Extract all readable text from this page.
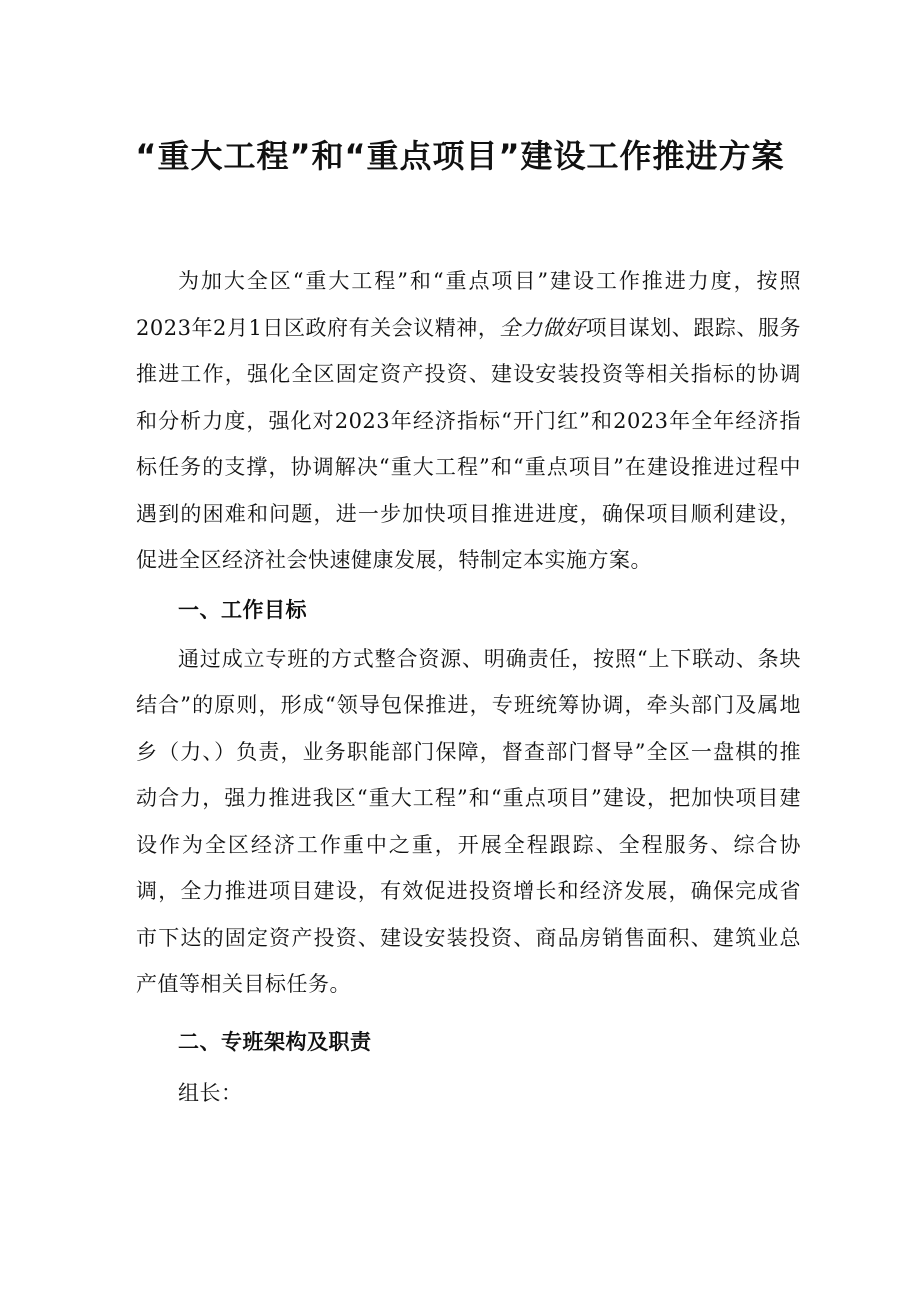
“重大工程”和“重点项目”建设工作推进方案

为加大全区“重大工程”和“重点项目”建设工作推进力度，按照2023年2月1日区政府有关会议精神，全力做好项目谋划、跟踪、服务推进工作，强化全区固定资产投资、建设安装投资等相关指标的协调和分析力度，强化对2023年经济指标“开门红”和2023年全年经济指标任务的支撑，协调解决“重大工程”和“重点项目”在建设推进过程中遇到的困难和问题，进一步加快项目推进进度，确保项目顺利建设，促进全区经济社会快速健康发展，特制定本实施方案。

一、工作目标

通过成立专班的方式整合资源、明确责任，按照“上下联动、条块结合”的原则，形成“领导包保推进，专班统筹协调，牵头部门及属地乡（力、）负责，业务职能部门保障，督查部门督导”全区一盘棋的推动合力，强力推进我区“重大工程”和“重点项目”建设，把加快项目建设作为全区经济工作重中之重，开展全程跟踪、全程服务、综合协调，全力推进项目建设，有效促进投资增长和经济发展，确保完成省市下达的固定资产投资、建设安装投资、商品房销售面积、建筑业总产值等相关目标任务。

二、专班架构及职责

组长：
